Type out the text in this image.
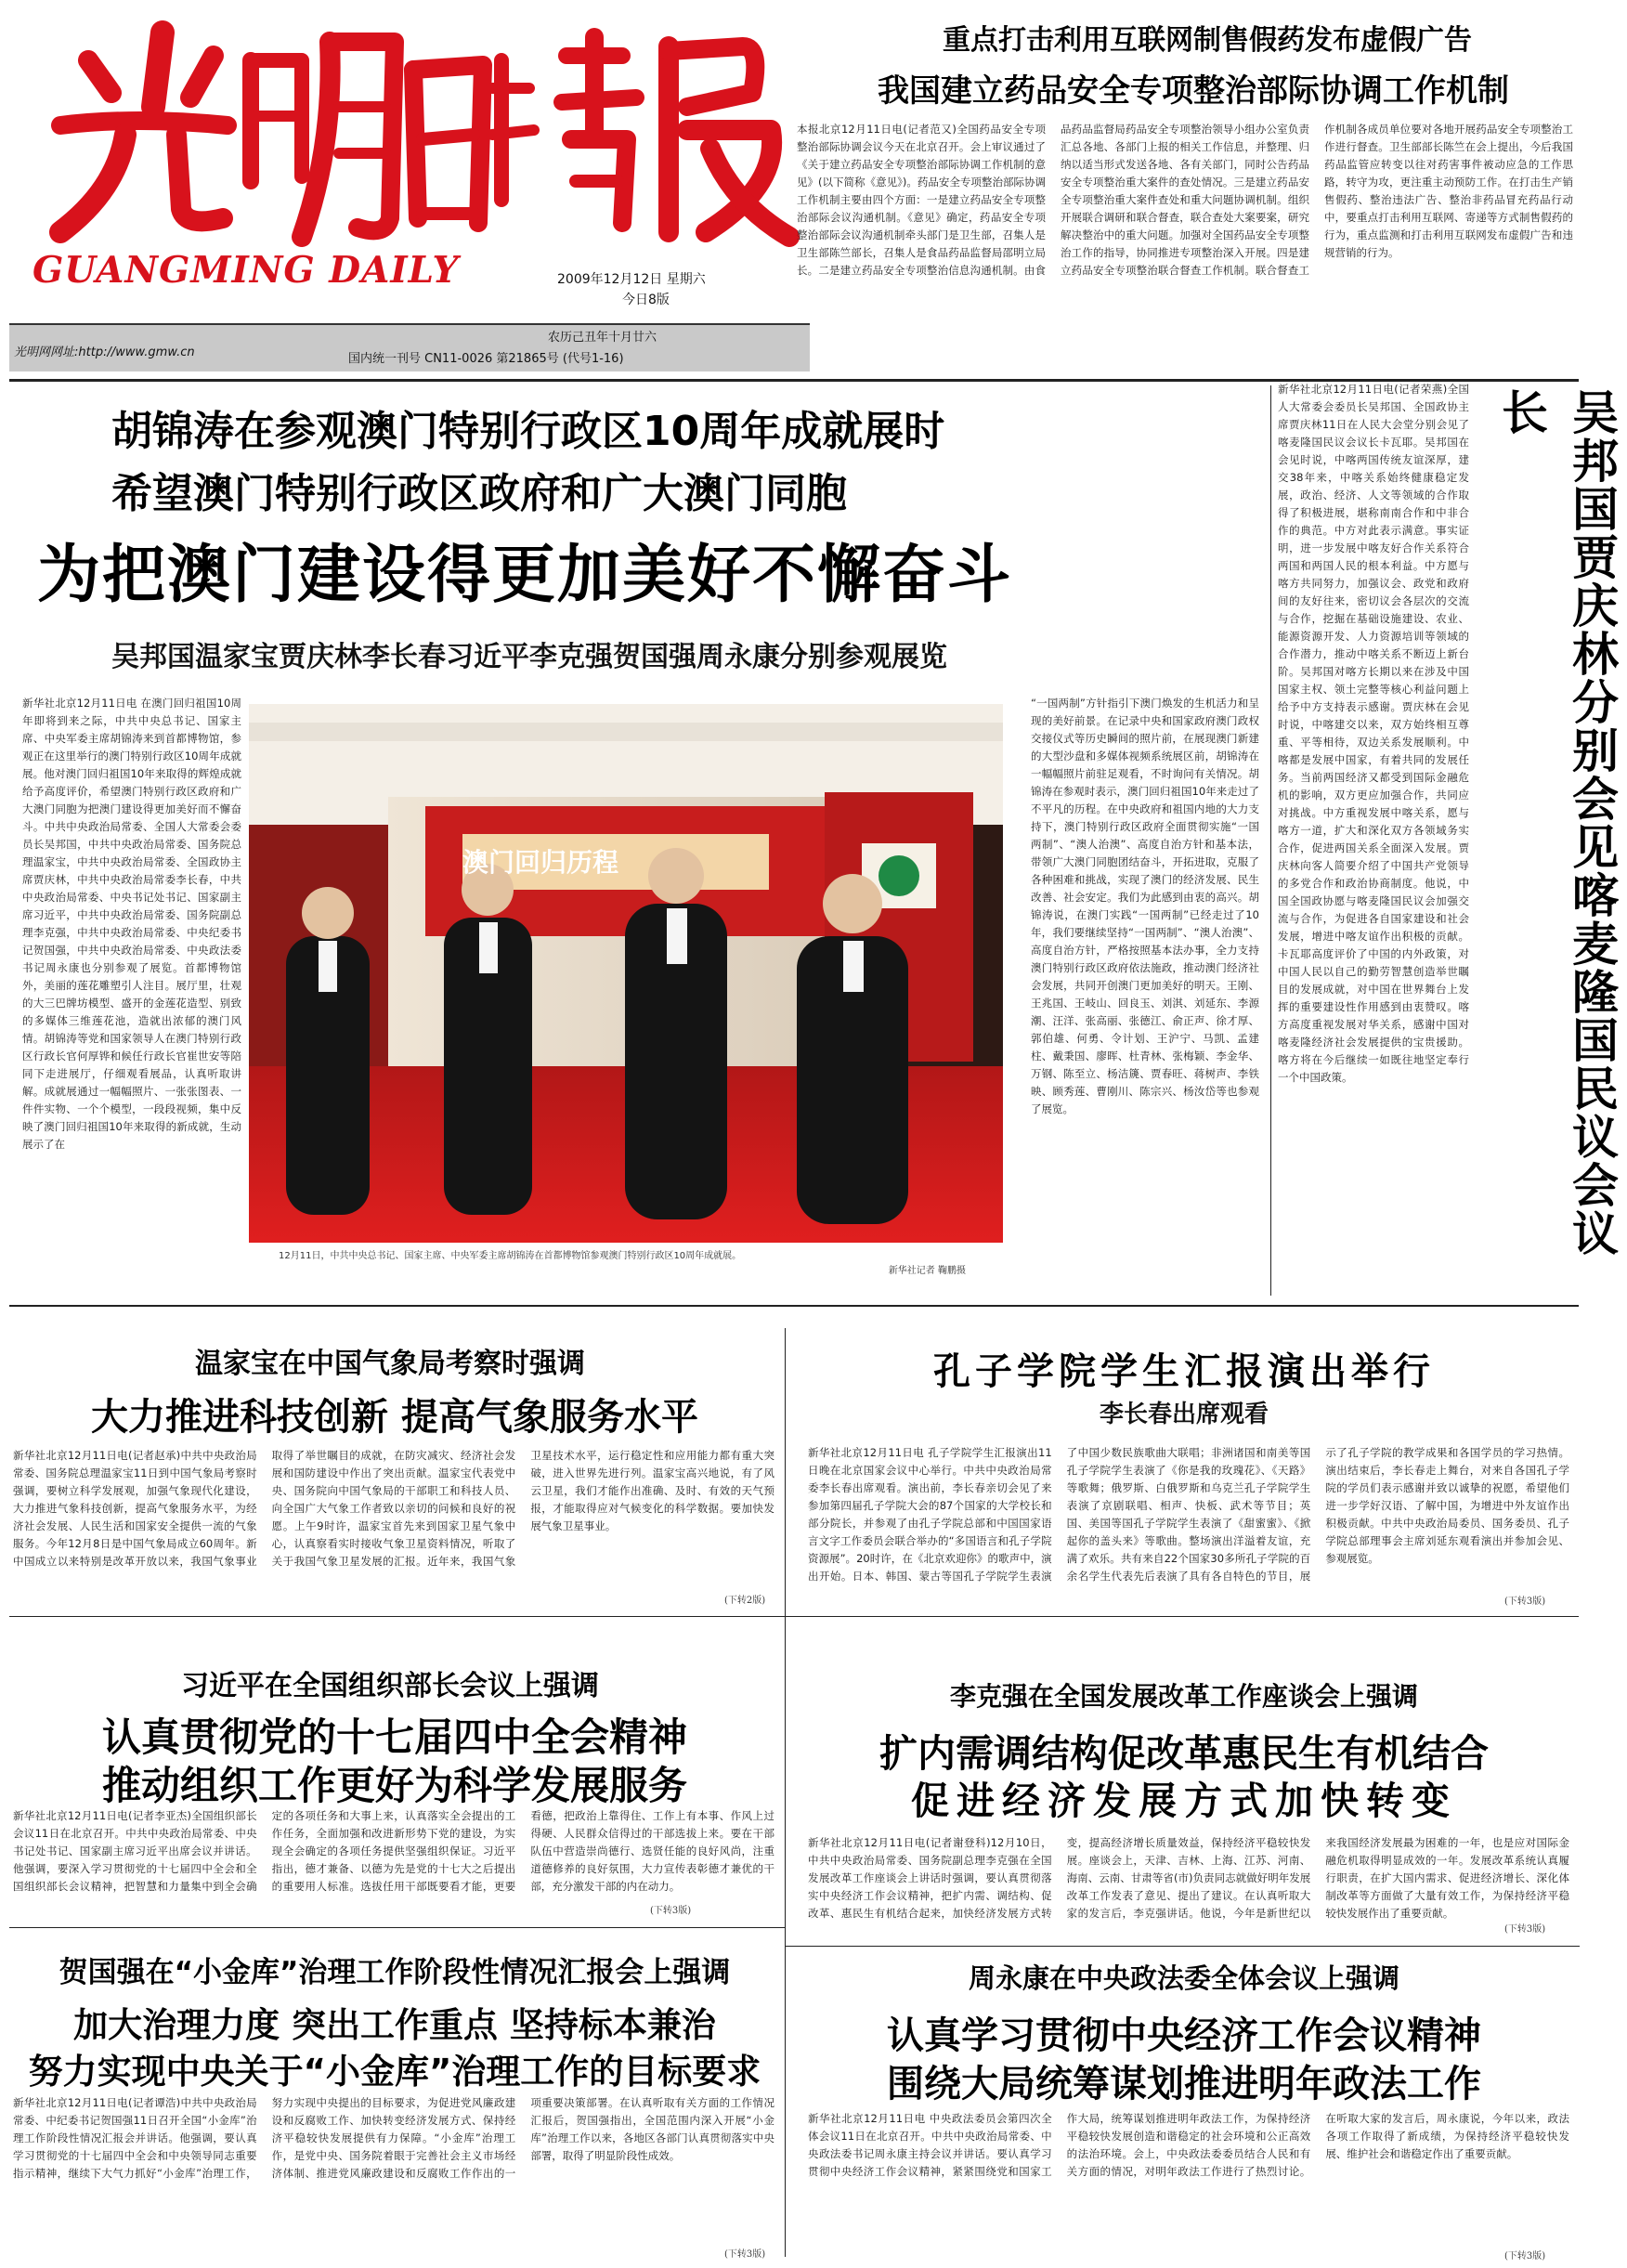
GUANGMING DAILY	2009年12月12日 星期六
今日8版
光明网网址:http://www.gmw.cn
农历己丑年十月廿六
国内统一刊号 CN11-0026 第21865号 (代号1-16)
重点打击利用互联网制售假药发布虚假广告
我国建立药品安全专项整治部际协调工作机制
本报北京12月11日电(记者范又)全国药品安全专项整治部际协调会议今天在北京召开。会上审议通过了《关于建立药品安全专项整治部际协调工作机制的意见》(以下简称《意见》)。药品安全专项整治部际协调工作机制主要由四个方面：一是建立药品安全专项整治部际会议沟通机制。《意见》确定，药品安全专项整治部际会议沟通机制牵头部门是卫生部，召集人是卫生部陈竺部长，召集人是食品药品监督局邵明立局长。二是建立药品安全专项整治信息沟通机制。由食品药品监督局药品安全专项整治领导小组办公室负责汇总各地、各部门上报的相关工作信息，并整理、归纳以适当形式发送各地、各有关部门，同时公告药品安全专项整治重大案件的查处情况。三是建立药品安全专项整治重大案件查处和重大问题协调机制。组织开展联合调研和联合督查，联合查处大案要案，研究解决整治中的重大问题。加强对全国药品安全专项整治工作的指导，协同推进专项整治深入开展。四是建立药品安全专项整治联合督查工作机制。联合督查工作机制各成员单位要对各地开展药品安全专项整治工作进行督查。卫生部部长陈竺在会上提出，今后我国药品监管应转变以往对药害事件被动应急的工作思路，转守为攻，更注重主动预防工作。在打击生产销售假药、整治违法广告、整治非药品冒充药品行动中，要重点打击利用互联网、寄递等方式制售假药的行为，重点监测和打击利用互联网发布虚假广告和违规营销的行为。
胡锦涛在参观澳门特别行政区10周年成就展时
希望澳门特别行政区政府和广大澳门同胞
为把澳门建设得更加美好不懈奋斗
吴邦国温家宝贾庆林李长春习近平李克强贺国强周永康分别参观展览
新华社北京12月11日电 在澳门回归祖国10周年即将到来之际，中共中央总书记、国家主席、中央军委主席胡锦涛来到首都博物馆，参观正在这里举行的澳门特别行政区10周年成就展。他对澳门回归祖国10年来取得的辉煌成就给予高度评价，希望澳门特别行政区政府和广大澳门同胞为把澳门建设得更加美好而不懈奋斗。中共中央政治局常委、全国人大常委会委员长吴邦国，中共中央政治局常委、国务院总理温家宝，中共中央政治局常委、全国政协主席贾庆林，中共中央政治局常委李长春，中共中央政治局常委、中央书记处书记、国家副主席习近平，中共中央政治局常委、国务院副总理李克强，中共中央政治局常委、中央纪委书记贺国强，中共中央政治局常委、中央政法委书记周永康也分别参观了展览。首都博物馆外，美丽的莲花雕塑引人注目。展厅里，壮观的大三巴牌坊模型、盛开的金莲花造型、别致的多媒体三维莲花池，造就出浓郁的澳门风情。胡锦涛等党和国家领导人在澳门特别行政区行政长官何厚铧和候任行政长官崔世安等陪同下走进展厅，仔细观看展品，认真听取讲解。成就展通过一幅幅照片、一张张图表、一件件实物、一个个模型，一段段视频，集中反映了澳门回归祖国10年来取得的新成就，生动展示了在
澳门回归历程
12月11日，中共中央总书记、国家主席、中央军委主席胡锦涛在首都博物馆参观澳门特别行政区10周年成就展。
新华社记者 鞠鹏摄
“一国两制”方针指引下澳门焕发的生机活力和呈现的美好前景。在记录中央和国家政府澳门政权交接仪式等历史瞬间的照片前，在展现澳门新建的大型沙盘和多媒体视频系统展区前，胡锦涛在一幅幅照片前驻足观看，不时询问有关情况。胡锦涛在参观时表示，澳门回归祖国10年来走过了不平凡的历程。在中央政府和祖国内地的大力支持下，澳门特别行政区政府全面贯彻实施“一国两制”、“澳人治澳”、高度自治方针和基本法，带领广大澳门同胞团结奋斗，开拓进取，克服了各种困难和挑战，实现了澳门的经济发展、民生改善、社会安定。我们为此感到由衷的高兴。胡锦涛说，在澳门实践“一国两制”已经走过了10年，我们要继续坚持“一国两制”、“澳人治澳”、高度自治方针，严格按照基本法办事，全力支持澳门特别行政区政府依法施政，推动澳门经济社会发展，共同开创澳门更加美好的明天。王刚、王兆国、王岐山、回良玉、刘淇、刘延东、李源潮、汪洋、张高丽、张德江、俞正声、徐才厚、郭伯雄、何勇、令计划、王沪宁、马凯、孟建柱、戴秉国、廖晖、杜青林、张梅颖、李金华、万钢、陈至立、杨洁篪、贾春旺、蒋树声、李铁映、顾秀莲、曹刚川、陈宗兴、杨汝岱等也参观了展览。
新华社北京12月11日电(记者荣燕)全国人大常委会委员长吴邦国、全国政协主席贾庆林11日在人民大会堂分别会见了喀麦隆国民议会议长卡瓦耶。吴邦国在会见时说，中喀两国传统友谊深厚，建交38年来，中喀关系始终健康稳定发展，政治、经济、人文等领域的合作取得了积极进展，堪称南南合作和中非合作的典范。中方对此表示满意。事实证明，进一步发展中喀友好合作关系符合两国和两国人民的根本利益。中方愿与喀方共同努力，加强议会、政党和政府间的友好往来，密切议会各层次的交流与合作，挖掘在基础设施建设、农业、能源资源开发、人力资源培训等领域的合作潜力，推动中喀关系不断迈上新台阶。吴邦国对喀方长期以来在涉及中国国家主权、领土完整等核心利益问题上给予中方支持表示感谢。贾庆林在会见时说，中喀建交以来，双方始终相互尊重、平等相待，双边关系发展顺利。中喀都是发展中国家，有着共同的发展任务。当前两国经济又都受到国际金融危机的影响，双方更应加强合作，共同应对挑战。中方重视发展中喀关系，愿与喀方一道，扩大和深化双方各领域务实合作，促进两国关系全面深入发展。贾庆林向客人简要介绍了中国共产党领导的多党合作和政治协商制度。他说，中国全国政协愿与喀麦隆国民议会加强交流与合作，为促进各自国家建设和社会发展，增进中喀友谊作出积极的贡献。卡瓦耶高度评价了中国的内外政策，对中国人民以自己的勤劳智慧创造举世瞩目的发展成就，对中国在世界舞台上发挥的重要建设性作用感到由衷赞叹。喀方高度重视发展对华关系，感谢中国对喀麦隆经济社会发展提供的宝贵援助。喀方将在今后继续一如既往地坚定奉行一个中国政策。	吴邦国贾庆林分别会见喀麦隆国民议会议长
温家宝在中国气象局考察时强调
大力推进科技创新 提高气象服务水平
新华社北京12月11日电(记者赵承)中共中央政治局常委、国务院总理温家宝11日到中国气象局考察时强调，要树立科学发展观，加强气象现代化建设，大力推进气象科技创新，提高气象服务水平，为经济社会发展、人民生活和国家安全提供一流的气象服务。今年12月8日是中国气象局成立60周年。新中国成立以来特别是改革开放以来，我国气象事业取得了举世瞩目的成就，在防灾减灾、经济社会发展和国防建设中作出了突出贡献。温家宝代表党中央、国务院向中国气象局的干部职工和科技人员、向全国广大气象工作者致以亲切的问候和良好的祝愿。上午9时许，温家宝首先来到国家卫星气象中心，认真察看实时接收气象卫星资料情况，听取了关于我国气象卫星发展的汇报。近年来，我国气象卫星技术水平，运行稳定性和应用能力都有重大突破，进入世界先进行列。温家宝高兴地说，有了风云卫星，我们才能作出准确、及时、有效的天气预报，才能取得应对气候变化的科学数据。要加快发展气象卫星事业。
(下转2版)
孔子学院学生汇报演出举行
李长春出席观看
新华社北京12月11日电 孔子学院学生汇报演出11日晚在北京国家会议中心举行。中共中央政治局常委李长春出席观看。演出前，李长春亲切会见了来参加第四届孔子学院大会的87个国家的大学校长和部分院长，并参观了由孔子学院总部和中国国家语言文字工作委员会联合举办的“多国语言和孔子学院资源展”。20时许，在《北京欢迎你》的歌声中，演出开始。日本、韩国、蒙古等国孔子学院学生表演了中国少数民族歌曲大联唱；非洲诸国和南美等国孔子学院学生表演了《你是我的玫瑰花》、《天路》等歌舞；俄罗斯、白俄罗斯和乌克兰孔子学院学生表演了京剧联唱、相声、快板、武术等节目；英国、美国等国孔子学院学生表演了《甜蜜蜜》、《掀起你的盖头来》等歌曲。整场演出洋溢着友谊，充满了欢乐。共有来自22个国家30多所孔子学院的百余名学生代表先后表演了具有各自特色的节目，展示了孔子学院的教学成果和各国学员的学习热情。演出结束后，李长春走上舞台，对来自各国孔子学院的学员们表示感谢并致以诚挚的祝愿，希望他们进一步学好汉语、了解中国，为增进中外友谊作出积极贡献。中共中央政治局委员、国务委员、孔子学院总部理事会主席刘延东观看演出并参加会见、参观展览。
(下转3版)
习近平在全国组织部长会议上强调
认真贯彻党的十七届四中全会精神
推动组织工作更好为科学发展服务
新华社北京12月11日电(记者李亚杰)全国组织部长会议11日在北京召开。中共中央政治局常委、中央书记处书记、国家副主席习近平出席会议并讲话。他强调，要深入学习贯彻党的十七届四中全会和全国组织部长会议精神，把智慧和力量集中到全会确定的各项任务和大事上来，认真落实全会提出的工作任务，全面加强和改进新形势下党的建设，为实现全会确定的各项任务提供坚强组织保证。习近平指出，德才兼备、以德为先是党的十七大之后提出的重要用人标准。选拔任用干部既要看才能，更要看德，把政治上靠得住、工作上有本事、作风上过得硬、人民群众信得过的干部选拔上来。要在干部队伍中营造崇尚德行、选贤任能的良好风尚，注重道德修养的良好氛围，大力宣传表彰德才兼优的干部，充分激发干部的内在动力。
(下转3版)
李克强在全国发展改革工作座谈会上强调
扩内需调结构促改革惠民生有机结合
促进经济发展方式加快转变
新华社北京12月11日电(记者谢登科)12月10日，中共中央政治局常委、国务院副总理李克强在全国发展改革工作座谈会上讲话时强调，要认真贯彻落实中央经济工作会议精神，把扩内需、调结构、促改革、惠民生有机结合起来，加快经济发展方式转变，提高经济增长质量效益，保持经济平稳较快发展。座谈会上，天津、吉林、上海、江苏、河南、海南、云南、甘肃等省(市)负责同志就做好明年发展改革工作发表了意见、提出了建议。在认真听取大家的发言后，李克强讲话。他说，今年是新世纪以来我国经济发展最为困难的一年，也是应对国际金融危机取得明显成效的一年。发展改革系统认真履行职责，在扩大国内需求、促进经济增长、深化体制改革等方面做了大量有效工作，为保持经济平稳较快发展作出了重要贡献。
(下转3版)
贺国强在“小金库”治理工作阶段性情况汇报会上强调
加大治理力度 突出工作重点 坚持标本兼治
努力实现中央关于“小金库”治理工作的目标要求
新华社北京12月11日电(记者谭浩)中共中央政治局常委、中纪委书记贺国强11日召开全国“小金库”治理工作阶段性情况汇报会并讲话。他强调，要认真学习贯彻党的十七届四中全会和中央领导同志重要指示精神，继续下大气力抓好“小金库”治理工作，努力实现中央提出的目标要求，为促进党风廉政建设和反腐败工作、加快转变经济发展方式、保持经济平稳较快发展提供有力保障。“小金库”治理工作，是党中央、国务院着眼于完善社会主义市场经济体制、推进党风廉政建设和反腐败工作作出的一项重要决策部署。在认真听取有关方面的工作情况汇报后，贺国强指出，全国范围内深入开展“小金库”治理工作以来，各地区各部门认真贯彻落实中央部署，取得了明显阶段性成效。
(下转3版)
周永康在中央政法委全体会议上强调
认真学习贯彻中央经济工作会议精神
围绕大局统筹谋划推进明年政法工作
新华社北京12月11日电 中央政法委员会第四次全体会议11日在北京召开。中共中央政治局常委、中央政法委书记周永康主持会议并讲话。要认真学习贯彻中央经济工作会议精神，紧紧围绕党和国家工作大局，统筹谋划推进明年政法工作，为保持经济平稳较快发展创造和谐稳定的社会环境和公正高效的法治环境。会上，中央政法委委员结合人民和有关方面的情况，对明年政法工作进行了热烈讨论。在听取大家的发言后，周永康说，今年以来，政法各项工作取得了新成绩，为保持经济平稳较快发展、维护社会和谐稳定作出了重要贡献。
(下转3版)
